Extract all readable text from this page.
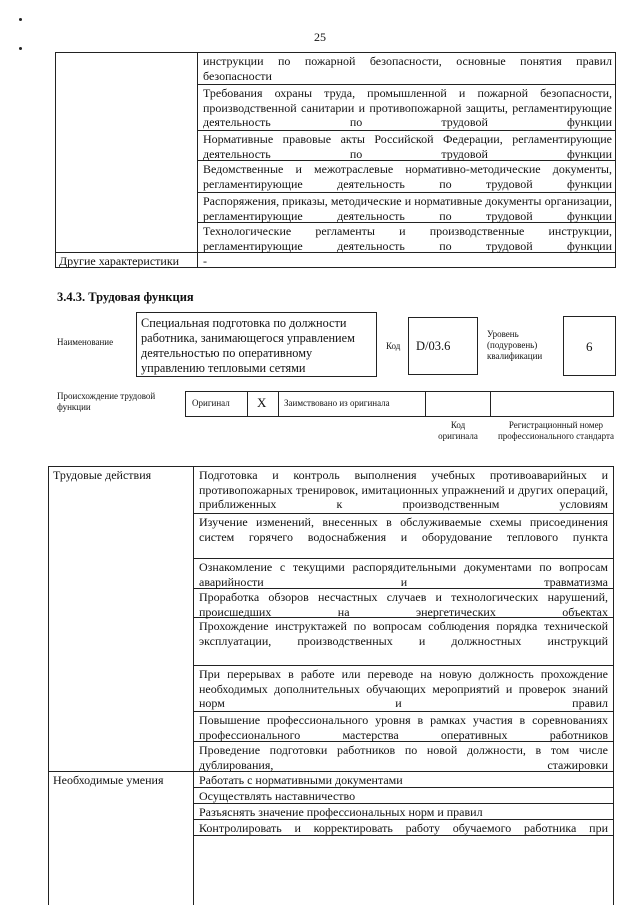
25
инструкции по пожарной безопасности, основные понятия правил безопасности
Требования охраны труда, промышленной и пожарной безопасности, производственной санитарии и противопожарной защиты, регламентирующие деятельность по трудовой функции
Нормативные правовые акты Российской Федерации, регламентирующие деятельность по трудовой функции
Ведомственные и межотраслевые нормативно-методические документы, регламентирующие деятельность по трудовой функции
Распоряжения, приказы, методические и нормативные документы организации, регламентирующие деятельность по трудовой функции
Технологические регламенты и производственные инструкции, регламентирующие деятельность по трудовой функции
Другие характеристики	-
3.4.3. Трудовая функция
Наименование
Специальная подготовка по должности работника, занимающегося управлением деятельностью по оперативному управлению тепловыми сетями
Код D/03.6
Уровень (подуровень) квалификации
6
Происхождение трудовой функции	Оригинал X Заимствовано из оригинала
Код оригинала
Регистрационный номер профессионального стандарта
Трудовые действия	Подготовка и контроль выполнения учебных противоаварийных и противопожарных тренировок, имитационных упражнений и других операций, приближенных к производственным условиям
Изучение изменений, внесенных в обслуживаемые схемы присоединения систем горячего водоснабжения и оборудование теплового пункта
Ознакомление с текущими распорядительными документами по вопросам аварийности и травматизма
Проработка обзоров несчастных случаев и технологических нарушений, происшедших на энергетических объектах
Прохождение инструктажей по вопросам соблюдения порядка технической эксплуатации, производственных и должностных инструкций
При перерывах в работе или переводе на новую должность прохождение необходимых дополнительных обучающих мероприятий и проверок знаний норм и правил
Повышение профессионального уровня в рамках участия в соревнованиях профессионального мастерства оперативных работников
Проведение подготовки работников по новой должности, в том числе дублирования, стажировки
Необходимые умения	Работать с нормативными документами
Осуществлять наставничество
Разъяснять значение профессиональных норм и правил
Контролировать и корректировать работу обучаемого работника при
